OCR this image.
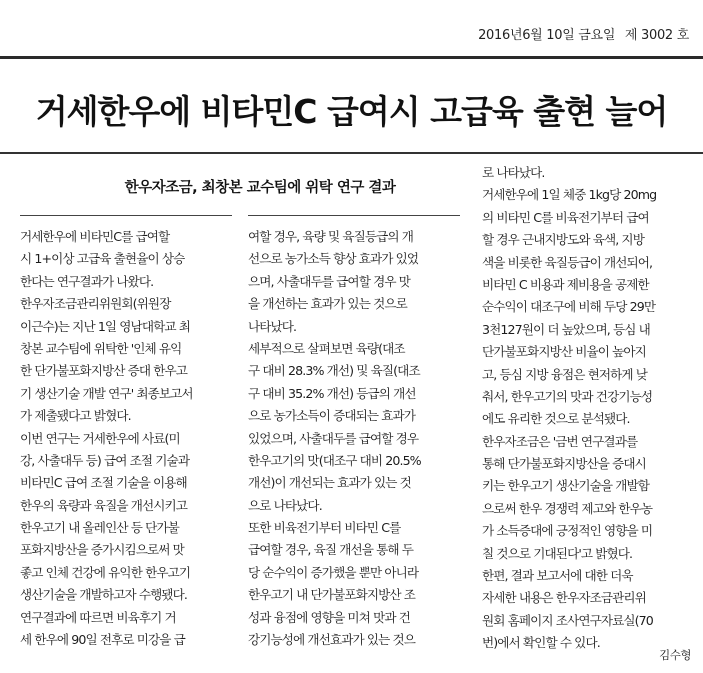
2016년6월 10일 금요일 제 3002 호
거세한우에 비타민C 급여시 고급육 출현 늘어
한우자조금, 최창본 교수팀에 위탁 연구 결과
거세한우에 비타민C를 급여할
시 1+이상 고급육 출현율이 상승
한다는 연구결과가 나왔다.
한우자조금관리위원회(위원장
이근수)는 지난 1일 영남대학교 최
창본 교수팀에 위탁한 '인체 유익
한 단가불포화지방산 증대 한우고
기 생산기술 개발 연구' 최종보고서
가 제출됐다고 밝혔다.
이번 연구는 거세한우에 사료(미
강, 사출대두 등) 급여 조절 기술과
비타민C 급여 조절 기술을 이용해
한우의 육량과 육질을 개선시키고
한우고기 내 올레인산 등 단가불
포화지방산을 증가시킴으로써 맛
좋고 인체 건강에 유익한 한우고기
생산기술을 개발하고자 수행됐다.
연구결과에 따르면 비육후기 거
세 한우에 90일 전후로 미강을 급
여할 경우, 육량 및 육질등급의 개
선으로 농가소득 향상 효과가 있었
으며, 사출대두를 급여할 경우 맛
을 개선하는 효과가 있는 것으로
나타났다.
세부적으로 살펴보면 육량(대조
구 대비 28.3% 개선) 및 육질(대조
구 대비 35.2% 개선) 등급의 개선
으로 농가소득이 증대되는 효과가
있었으며, 사출대두를 급여할 경우
한우고기의 맛(대조구 대비 20.5%
개선)이 개선되는 효과가 있는 것
으로 나타났다.
또한 비육전기부터 비타민 C를
급여할 경우, 육질 개선을 통해 두
당 순수익이 증가했을 뿐만 아니라
한우고기 내 단가불포화지방산 조
성과 융점에 영향을 미쳐 맛과 건
강기능성에 개선효과가 있는 것으
로 나타났다.
거세한우에 1일 체중 1kg당 20mg
의 비타민 C를 비육전기부터 급여
할 경우 근내지방도와 육색, 지방
색을 비롯한 육질등급이 개선되어,
비타민 C 비용과 제비용을 공제한
순수익이 대조구에 비해 두당 29만
3천127원이 더 높았으며, 등심 내
단가불포화지방산 비율이 높아지
고, 등심 지방 융점은 현저하게 낮
춰서, 한우고기의 맛과 건강기능성
에도 유리한 것으로 분석됐다.
한우자조금은 '금번 연구결과를
통해 단가불포화지방산을 증대시
키는 한우고기 생산기술을 개발함
으로써 한우 경쟁력 제고와 한우농
가 소득증대에 긍정적인 영향을 미
칠 것으로 기대된다'고 밝혔다.
한편, 결과 보고서에 대한 더욱
자세한 내용은 한우자조금관리위
원회 홈페이지 조사연구자료실(70
번)에서 확인할 수 있다.
김수형
